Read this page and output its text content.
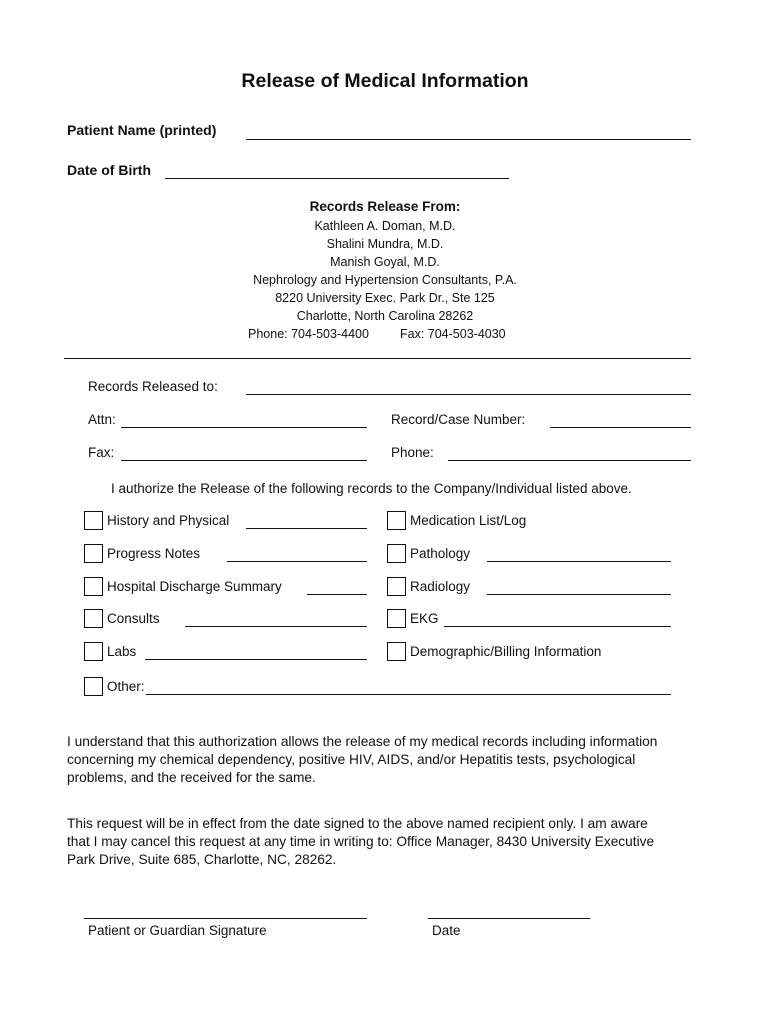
Release of Medical Information
Patient Name (printed)
Date of Birth
Records Release From:
Kathleen A. Doman, M.D.
Shalini Mundra, M.D.
Manish Goyal, M.D.
Nephrology and Hypertension Consultants, P.A.
8220 University Exec. Park Dr., Ste 125
Charlotte, North Carolina 28262
Phone: 704-503-4400 Fax: 704-503-4030
Records Released to:
Attn:	Record/Case Number:
Fax:	Phone:
I authorize the Release of the following records to the Company/Individual listed above.
History and Physical	Medication List/Log
Progress Notes	Pathology
Hospital Discharge Summary	Radiology
Consults	EKG
Labs	Demographic/Billing Information
Other:
I understand that this authorization allows the release of my medical records including information
concerning my chemical dependency, positive HIV, AIDS, and/or Hepatitis tests, psychological
problems, and the received for the same.
This request will be in effect from the date signed to the above named recipient only. I am aware
that I may cancel this request at any time in writing to: Office Manager, 8430 University Executive
Park Drive, Suite 685, Charlotte, NC, 28262.
Patient or Guardian Signature	Date
